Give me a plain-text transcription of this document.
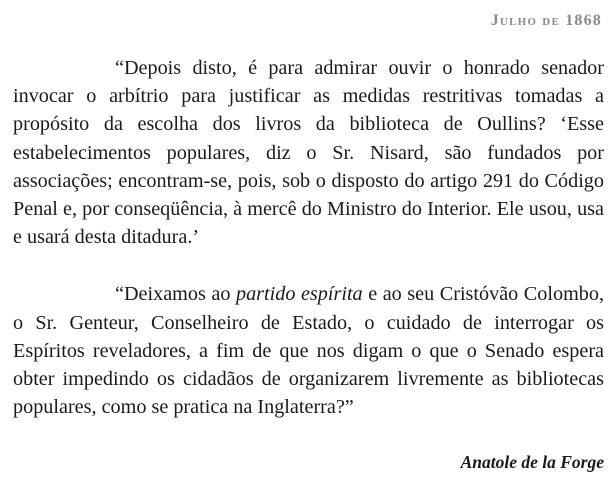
Julho de 1868

“Depois disto, é para admirar ouvir o honrado senador invocar o arbítrio para justificar as medidas restritivas tomadas a propósito da escolha dos livros da biblioteca de Oullins? ‘Esse estabelecimentos populares, diz o Sr. Nisard, são fundados por associações; encontram-se, pois, sob o disposto do artigo 291 do Código Penal e, por conseqüência, à mercê do Ministro do Interior. Ele usou, usa e usará desta ditadura.’

“Deixamos ao partido espírita e ao seu Cristóvão Colombo, o Sr. Genteur, Conselheiro de Estado, o cuidado de interrogar os Espíritos reveladores, a fim de que nos digam o que o Senado espera obter impedindo os cidadãos de organizarem livremente as bibliotecas populares, como se pratica na Inglaterra?”

Anatole de la Forge
